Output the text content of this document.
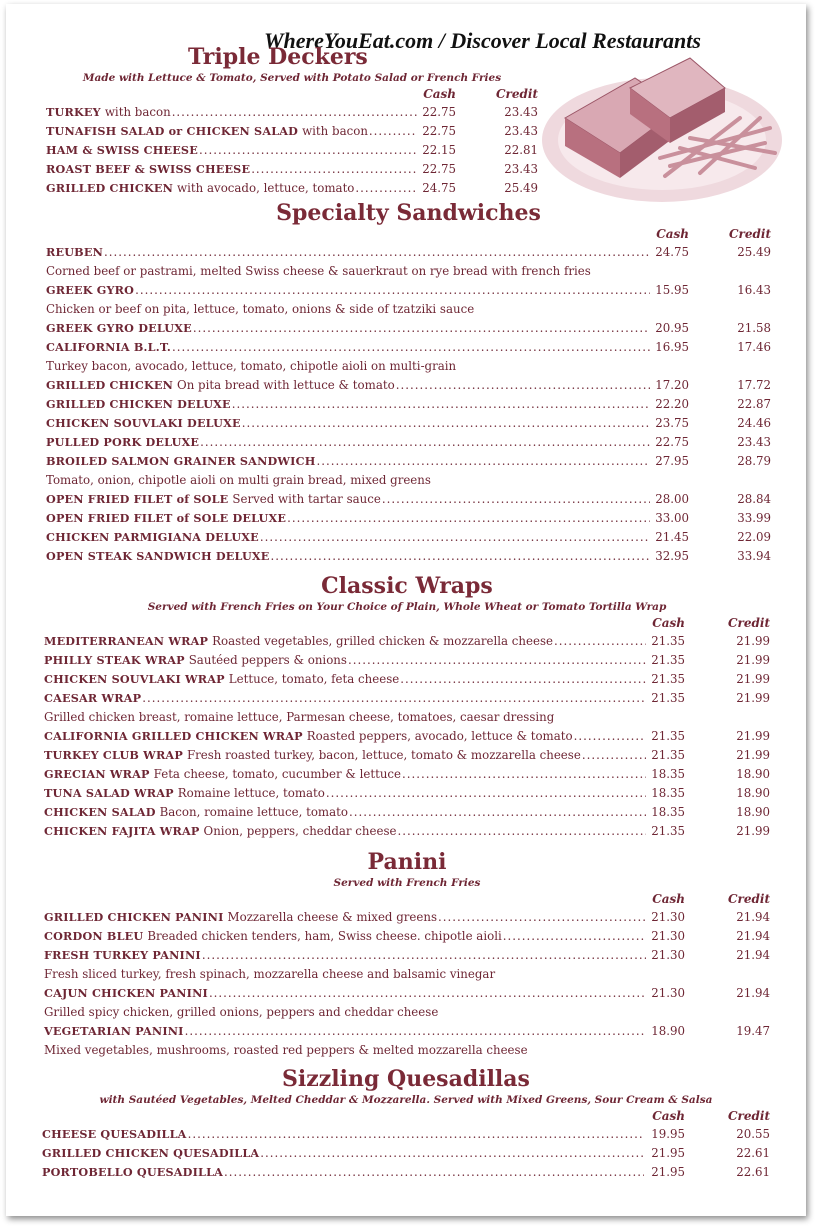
WhereYouEat.com / Discover Local Restaurants
Triple Deckers
Made with Lettuce & Tomato, Served with Potato Salad or French Fries
Cash	Credit
TURKEY with bacon .....	22.75	23.43
TUNAFISH SALAD or CHICKEN SALAD with bacon .....	22.75	23.43
HAM & SWISS CHEESE .....	22.15	22.81
ROAST BEEF & SWISS CHEESE .....	22.75	23.43
GRILLED CHICKEN with avocado, lettuce, tomato .....	24.75	25.49
Specialty Sandwiches
Cash	Credit
REUBEN .....	24.75	25.49
Corned beef or pastrami, melted Swiss cheese & sauerkraut on rye bread with french fries
GREEK GYRO .....	15.95	16.43
Chicken or beef on pita, lettuce, tomato, onions & side of tzatziki sauce
GREEK GYRO DELUXE .....	20.95	21.58
CALIFORNIA B.L.T. .....	16.95	17.46
Turkey bacon, avocado, lettuce, tomato, chipotle aioli on multi-grain
GRILLED CHICKEN On pita bread with lettuce & tomato .....	17.20	17.72
GRILLED CHICKEN DELUXE .....	22.20	22.87
CHICKEN SOUVLAKI DELUXE .....	23.75	24.46
PULLED PORK DELUXE .....	22.75	23.43
BROILED SALMON GRAINER SANDWICH .....	27.95	28.79
Tomato, onion, chipotle aioli on multi grain bread, mixed greens
OPEN FRIED FILET of SOLE Served with tartar sauce .....	28.00	28.84
OPEN FRIED FILET of SOLE DELUXE .....	33.00	33.99
CHICKEN PARMIGIANA DELUXE .....	21.45	22.09
OPEN STEAK SANDWICH DELUXE .....	32.95	33.94
Classic Wraps
Served with French Fries on Your Choice of Plain, Whole Wheat or Tomato Tortilla Wrap
Cash	Credit
MEDITERRANEAN WRAP Roasted vegetables, grilled chicken & mozzarella cheese .....	21.35	21.99
PHILLY STEAK WRAP Sautéed peppers & onions .....	21.35	21.99
CHICKEN SOUVLAKI WRAP Lettuce, tomato, feta cheese .....	21.35	21.99
CAESAR WRAP .....	21.35	21.99
Grilled chicken breast, romaine lettuce, Parmesan cheese, tomatoes, caesar dressing
CALIFORNIA GRILLED CHICKEN WRAP Roasted peppers, avocado, lettuce & tomato .....	21.35	21.99
TURKEY CLUB WRAP Fresh roasted turkey, bacon, lettuce, tomato & mozzarella cheese .....	21.35	21.99
GRECIAN WRAP Feta cheese, tomato, cucumber & lettuce .....	18.35	18.90
TUNA SALAD WRAP Romaine lettuce, tomato .....	18.35	18.90
CHICKEN SALAD Bacon, romaine lettuce, tomato .....	18.35	18.90
CHICKEN FAJITA WRAP Onion, peppers, cheddar cheese .....	21.35	21.99
Panini
Served with French Fries
Cash	Credit
GRILLED CHICKEN PANINI Mozzarella cheese & mixed greens .....	21.30	21.94
CORDON BLEU Breaded chicken tenders, ham, Swiss cheese. chipotle aioli .....	21.30	21.94
FRESH TURKEY PANINI .....	21.30	21.94
Fresh sliced turkey, fresh spinach, mozzarella cheese and balsamic vinegar
CAJUN CHICKEN PANINI .....	21.30	21.94
Grilled spicy chicken, grilled onions, peppers and cheddar cheese
VEGETARIAN PANINI .....	18.90	19.47
Mixed vegetables, mushrooms, roasted red peppers & melted mozzarella cheese
Sizzling Quesadillas
with Sautéed Vegetables, Melted Cheddar & Mozzarella. Served with Mixed Greens, Sour Cream & Salsa
Cash	Credit
CHEESE QUESADILLA .....	19.95	20.55
GRILLED CHICKEN QUESADILLA .....	21.95	22.61
PORTOBELLO QUESADILLA .....	21.95	22.61
